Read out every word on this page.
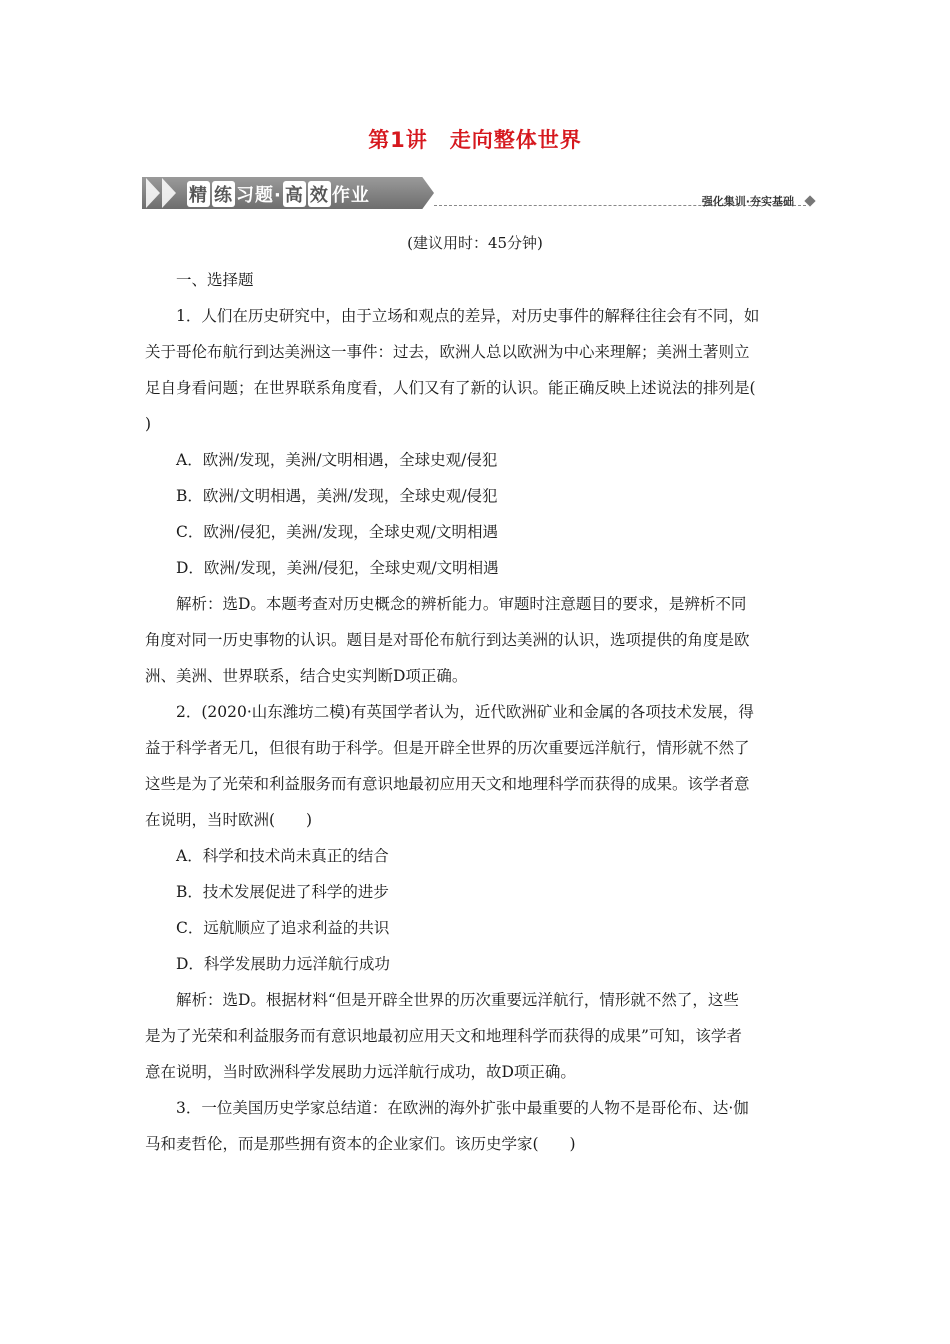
第1讲　走向整体世界
精 练 习题· 高 效 作业	强化集训·夯实基础
(建议用时：45分钟)

一、选择题

1．人们在历史研究中，由于立场和观点的差异，对历史事件的解释往往会有不同，如

关于哥伦布航行到达美洲这一事件：过去，欧洲人总以欧洲为中心来理解；美洲土著则立

足自身看问题；在世界联系角度看，人们又有了新的认识。能正确反映上述说法的排列是(

)

A．欧洲/发现，美洲/文明相遇，全球史观/侵犯

B．欧洲/文明相遇，美洲/发现，全球史观/侵犯

C．欧洲/侵犯，美洲/发现，全球史观/文明相遇

D．欧洲/发现，美洲/侵犯，全球史观/文明相遇

解析：选D。本题考查对历史概念的辨析能力。审题时注意题目的要求，是辨析不同

角度对同一历史事物的认识。题目是对哥伦布航行到达美洲的认识，选项提供的角度是欧

洲、美洲、世界联系，结合史实判断D项正确。

2．(2020·山东潍坊二模)有英国学者认为，近代欧洲矿业和金属的各项技术发展，得

益于科学者无几，但很有助于科学。但是开辟全世界的历次重要远洋航行，情形就不然了

这些是为了光荣和利益服务而有意识地最初应用天文和地理科学而获得的成果。该学者意

在说明，当时欧洲(　　)

A．科学和技术尚未真正的结合

B．技术发展促进了科学的进步

C．远航顺应了追求利益的共识

D．科学发展助力远洋航行成功

解析：选D。根据材料“但是开辟全世界的历次重要远洋航行，情形就不然了，这些

是为了光荣和利益服务而有意识地最初应用天文和地理科学而获得的成果”可知，该学者

意在说明，当时欧洲科学发展助力远洋航行成功，故D项正确。

3．一位美国历史学家总结道：在欧洲的海外扩张中最重要的人物不是哥伦布、达·伽

马和麦哲伦，而是那些拥有资本的企业家们。该历史学家(　　)
